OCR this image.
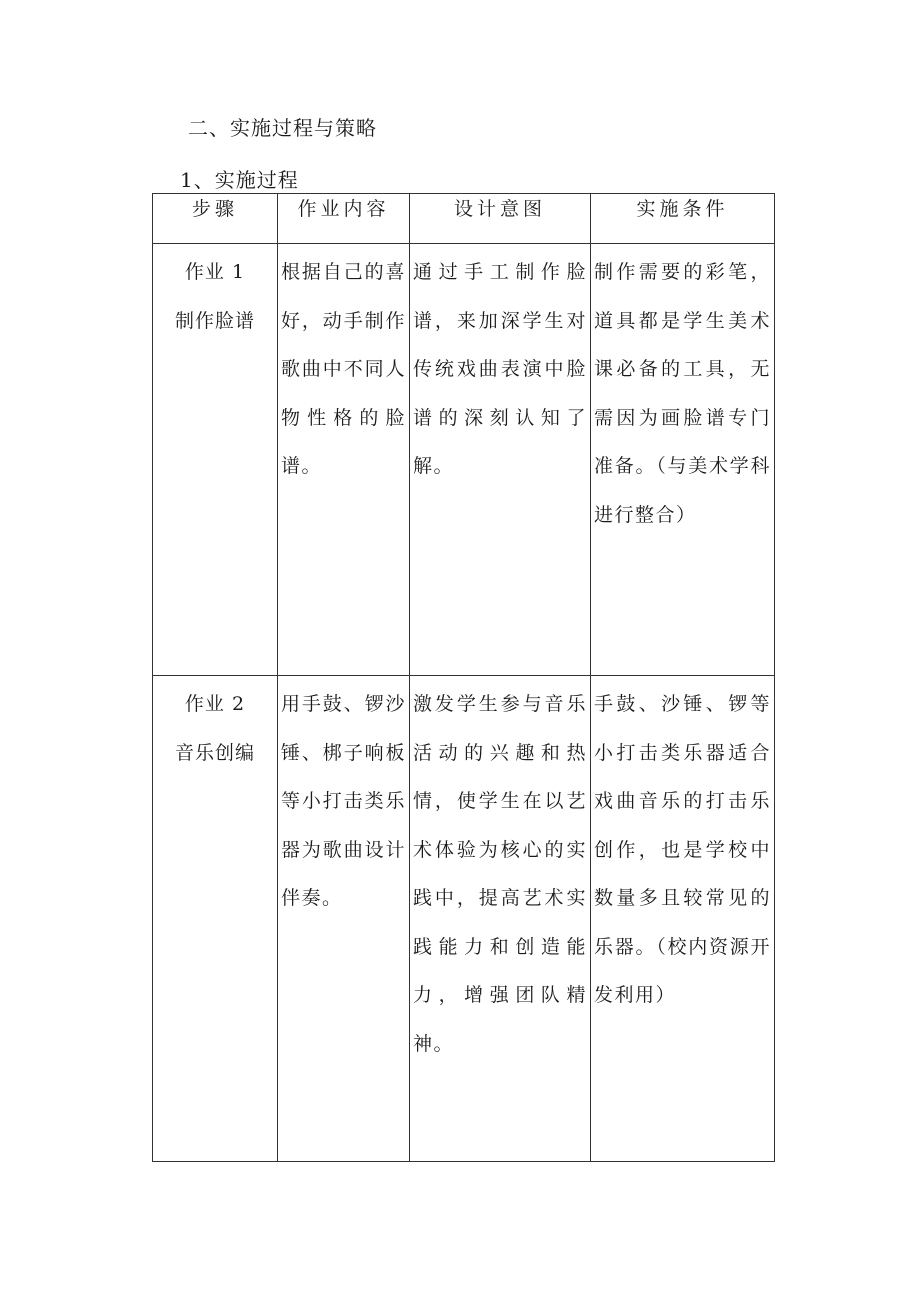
二、实施过程与策略
1、实施过程
步骤	作业内容	设计意图	实施条件

作业 1
制作脸谱	根据自己的喜好，动手制作歌曲中不同人物性格的脸谱。	通过手工制作脸谱，来加深学生对传统戏曲表演中脸谱的深刻认知了解。	制作需要的彩笔，道具都是学生美术课必备的工具，无需因为画脸谱专门准备。（与美术学科进行整合）

作业 2
音乐创编	用手鼓、锣沙锤、梆子响板等小打击类乐器为歌曲设计伴奏。	激发学生参与音乐活动的兴趣和热情，使学生在以艺术体验为核心的实践中，提高艺术实践能力和创造能力，增强团队精神。	手鼓、沙锤、锣等小打击类乐器适合戏曲音乐的打击乐创作，也是学校中数量多且较常见的乐器。（校内资源开发利用）
